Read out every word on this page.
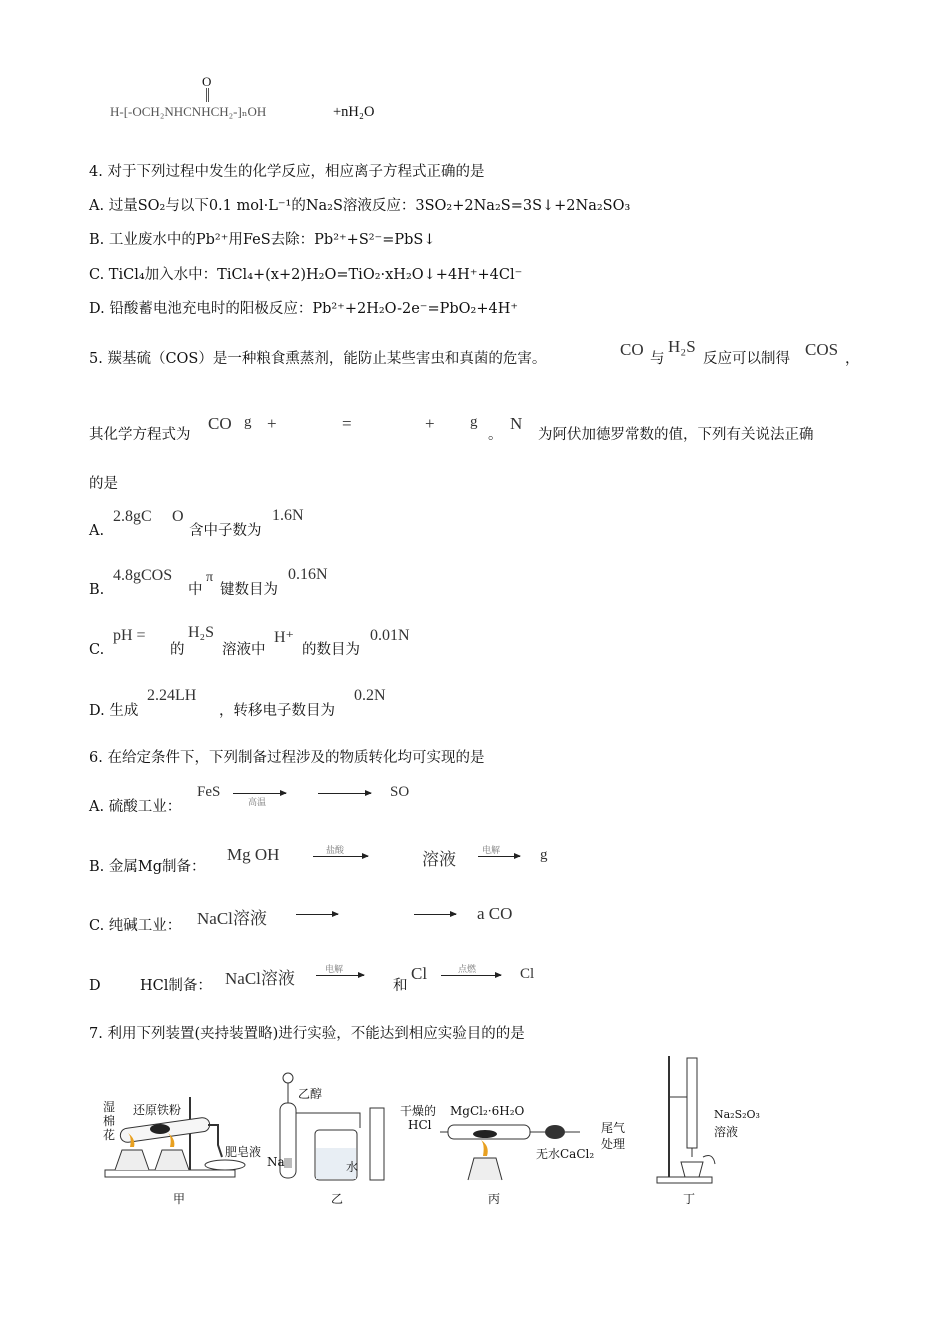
O
H-[-OCH₂NHCNHCH₂-]ₙOH	+nH₂O
4. 对于下列过程中发生的化学反应，相应离子方程式正确的是
A. 过量SO₂与以下0.1 mol·L⁻¹的Na₂S溶液反应：3SO₂+2Na₂S=3S↓+2Na₂SO₃
B. 工业废水中的Pb²⁺用FeS去除：Pb²⁺+S²⁻=PbS↓
C. TiCl₄加入水中：TiCl₄+(x+2)H₂O=TiO₂·xH₂O↓+4H⁺+4Cl⁻
D. 铅酸蓄电池充电时的阳极反应：Pb²⁺+2H₂O-2e⁻=PbO₂+4H⁺
5. 羰基硫（COS）是一种粮食熏蒸剂，能防止某些害虫和真菌的危害。	CO 与
H₂S
反应可以制得 COS ，
其化学方程式为
CO g +	=	+ g
。
N
为阿伏加德罗常数的值，下列有关说法正确
的是
A.
2.8gC O
含中子数为
1.6N
B.
4.8gCOS
中
π
键数目为
0.16N
C.
pH =
的
H₂S
溶液中
H⁺
的数目为
0.01N
D. 生成
2.24LH
，转移电子数目为
0.2N
6. 在给定条件下，下列制备过程涉及的物质转化均可实现的是
A. 硫酸工业：
FeS
高温
SO
B. 金属Mg制备：
Mg OH	盐酸	溶液	电解	g
C. 纯碱工业： NaCl溶液	a CO
D	HCl制备： NaCl溶液	电解
和
Cl	点燃	Cl
7. 利用下列装置(夹持装置略)进行实验，不能达到相应实验目的的是
湿
棉
花
还原铁粉
肥皂液
甲
乙醇
Na	水
乙
干燥的
HCl
MgCl₂·6H₂O
无水CaCl₂
尾气
处理
丙
Na₂S₂O₃
溶液
丁
